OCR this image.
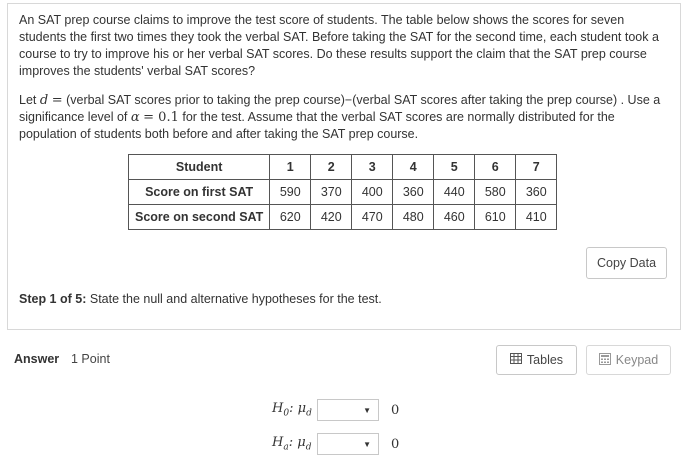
An SAT prep course claims to improve the test score of students. The table below shows the scores for seven students the first two times they took the verbal SAT. Before taking the SAT for the second time, each student took a course to try to improve his or her verbal SAT scores. Do these results support the claim that the SAT prep course improves the students' verbal SAT scores?

Let d = (verbal SAT scores prior to taking the prep course)−(verbal SAT scores after taking the prep course) . Use a significance level of α = 0.1 for the test. Assume that the verbal SAT scores are normally distributed for the population of students both before and after taking the SAT prep course.

Student	1	2	3	4	5	6	7
Score on first SAT	590	370	400	360	440	580	360
Score on second SAT	620	420	470	480	460	610	410
Copy Data
Step 1 of 5: State the null and alternative hypotheses for the test.
Answer 1 Point	Tables	Keypad
$H_0$: $\mu_d$	▼ 0
$H_a$: $\mu_d$	▼ 0
